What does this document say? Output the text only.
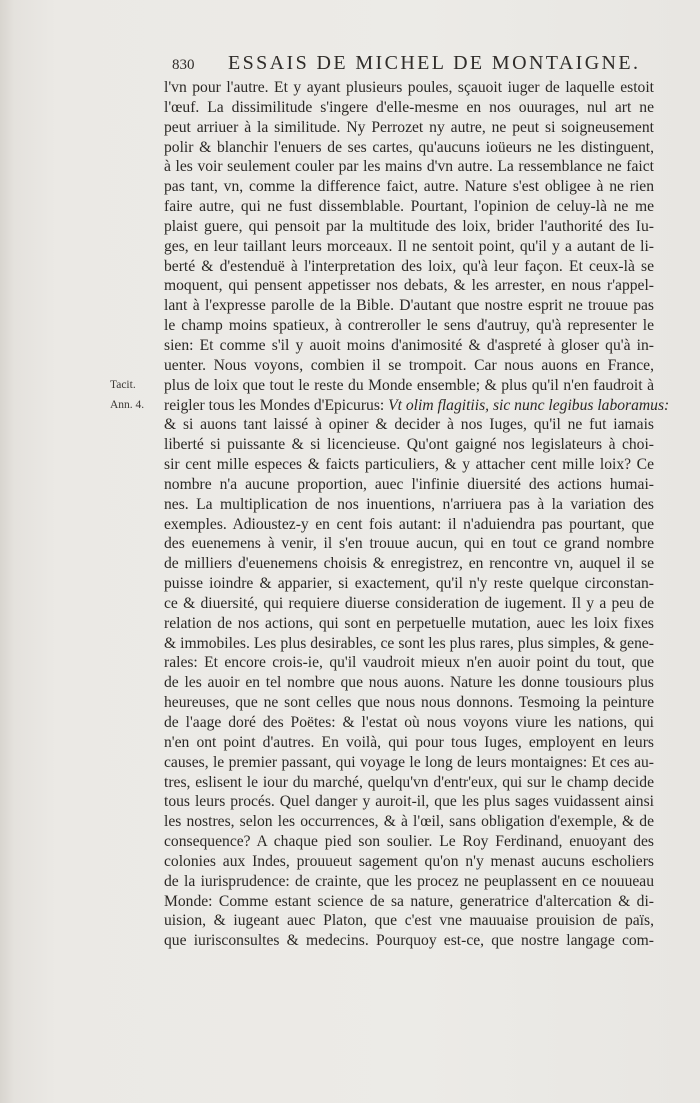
830 ESSAIS DE MICHEL DE MONTAIGNE.
Tacit.
Ann. 4.
l'vn pour l'autre. Et y ayant plusieurs poules, sçauoit iuger de laquelle estoit
l'œuf. La dissimilitude s'ingere d'elle-mesme en nos ouurages, nul art ne
peut arriuer à la similitude. Ny Perrozet ny autre, ne peut si soigneusement
polir & blanchir l'enuers de ses cartes, qu'aucuns ioüeurs ne les distinguent,
à les voir seulement couler par les mains d'vn autre. La ressemblance ne faict
pas tant, vn, comme la difference faict, autre. Nature s'est obligee à ne rien
faire autre, qui ne fust dissemblable. Pourtant, l'opinion de celuy-là ne me
plaist guere, qui pensoit par la multitude des loix, brider l'authorité des Iu-
ges, en leur taillant leurs morceaux. Il ne sentoit point, qu'il y a autant de li-
berté & d'estenduë à l'interpretation des loix, qu'à leur façon. Et ceux-là se
moquent, qui pensent appetisser nos debats, & les arrester, en nous r'appel-
lant à l'expresse parolle de la Bible. D'autant que nostre esprit ne trouue pas
le champ moins spatieux, à contreroller le sens d'autruy, qu'à representer le
sien: Et comme s'il y auoit moins d'animosité & d'aspreté à gloser qu'à in-
uenter. Nous voyons, combien il se trompoit. Car nous auons en France,
plus de loix que tout le reste du Monde ensemble; & plus qu'il n'en faudroit à
reigler tous les Mondes d'Epicurus: Vt olim flagitiis, sic nunc legibus laboramus:
& si auons tant laissé à opiner & decider à nos Iuges, qu'il ne fut iamais
liberté si puissante & si licencieuse. Qu'ont gaigné nos legislateurs à choi-
sir cent mille especes & faicts particuliers, & y attacher cent mille loix? Ce
nombre n'a aucune proportion, auec l'infinie diuersité des actions humai-
nes. La multiplication de nos inuentions, n'arriuera pas à la variation des
exemples. Adioustez-y en cent fois autant: il n'aduiendra pas pourtant, que
des euenemens à venir, il s'en trouue aucun, qui en tout ce grand nombre
de milliers d'euenemens choisis & enregistrez, en rencontre vn, auquel il se
puisse ioindre & apparier, si exactement, qu'il n'y reste quelque circonstan-
ce & diuersité, qui requiere diuerse consideration de iugement. Il y a peu de
relation de nos actions, qui sont en perpetuelle mutation, auec les loix fixes
& immobiles. Les plus desirables, ce sont les plus rares, plus simples, & gene-
rales: Et encore crois-ie, qu'il vaudroit mieux n'en auoir point du tout, que
de les auoir en tel nombre que nous auons. Nature les donne tousiours plus
heureuses, que ne sont celles que nous nous donnons. Tesmoing la peinture
de l'aage doré des Poëtes: & l'estat où nous voyons viure les nations, qui
n'en ont point d'autres. En voilà, qui pour tous Iuges, employent en leurs
causes, le premier passant, qui voyage le long de leurs montaignes: Et ces au-
tres, eslisent le iour du marché, quelqu'vn d'entr'eux, qui sur le champ decide
tous leurs procés. Quel danger y auroit-il, que les plus sages vuidassent ainsi
les nostres, selon les occurrences, & à l'œil, sans obligation d'exemple, & de
consequence? A chaque pied son soulier. Le Roy Ferdinand, enuoyant des
colonies aux Indes, prouueut sagement qu'on n'y menast aucuns escholiers
de la iurisprudence: de crainte, que les procez ne peuplassent en ce nouueau
Monde: Comme estant science de sa nature, generatrice d'altercation & di-
uision, & iugeant auec Platon, que c'est vne mauuaise prouision de païs,
que iurisconsultes & medecins. Pourquoy est-ce, que nostre langage com-
